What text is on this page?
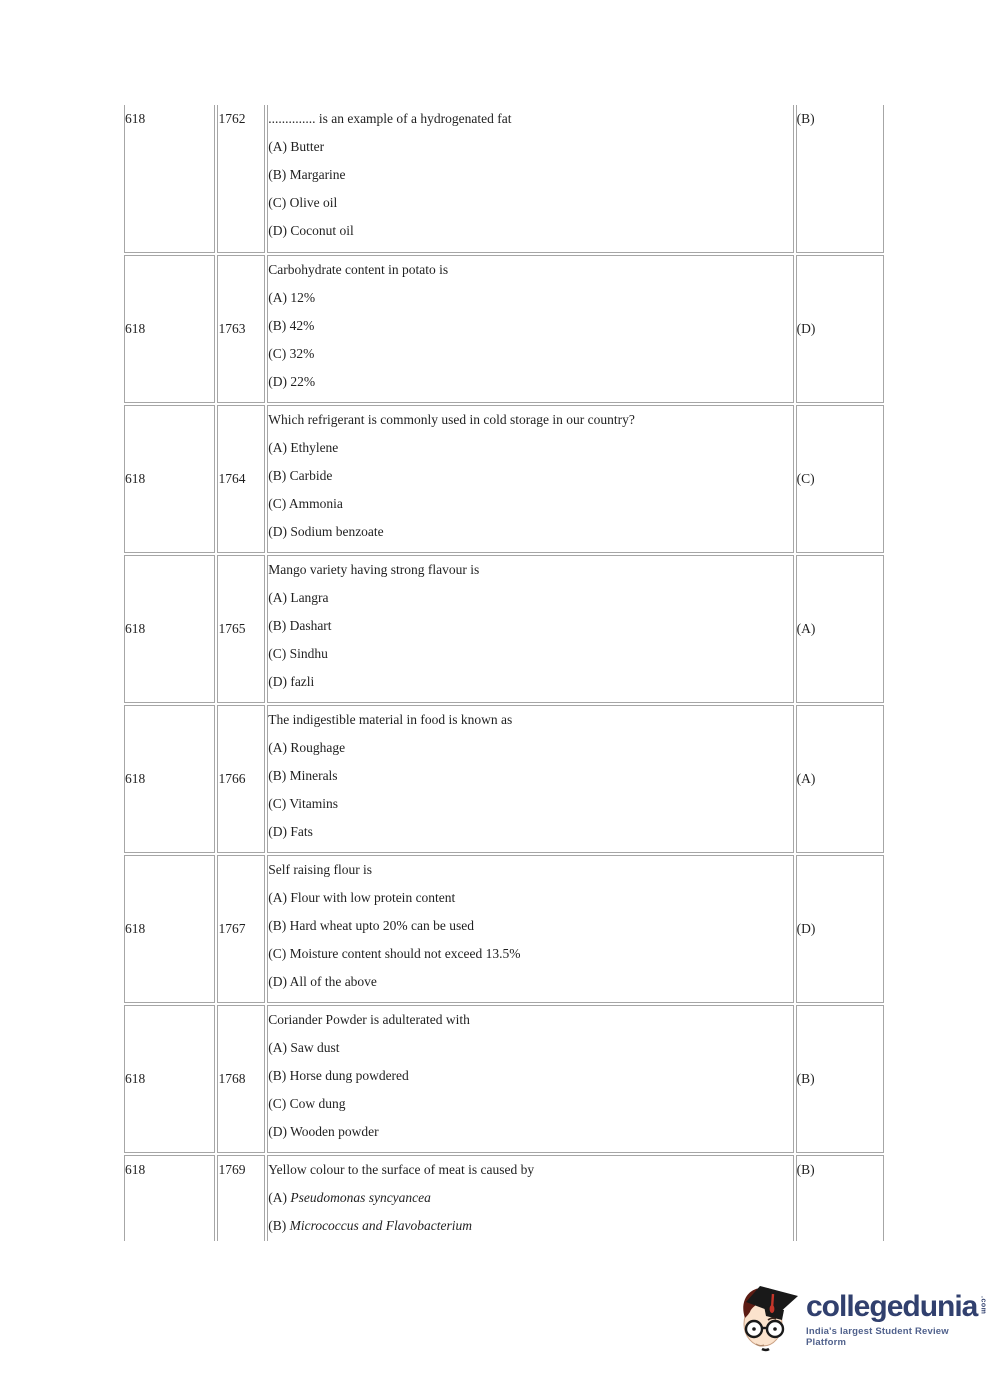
618	1762	.............. is an example of a hydrogenated fat
(A) Butter
(B) Margarine
(C) Olive oil
(D) Coconut oil	(B)
618	1763	Carbohydrate content in potato is
(A) 12%
(B) 42%
(C) 32%
(D) 22%	(D)
618	1764	Which refrigerant is commonly used in cold storage in our country?
(A) Ethylene
(B) Carbide
(C) Ammonia
(D) Sodium benzoate	(C)
618	1765	Mango variety having strong flavour is
(A) Langra
(B) Dashart
(C) Sindhu
(D) fazli	(A)
618	1766	The indigestible material in food is known as
(A) Roughage
(B) Minerals
(C) Vitamins
(D) Fats	(A)
618	1767	Self raising flour is
(A) Flour with low protein content
(B) Hard wheat upto 20% can be used
(C) Moisture content should not exceed 13.5%
(D) All of the above	(D)
618	1768	Coriander Powder is adulterated with
(A) Saw dust
(B) Horse dung powdered
(C) Cow dung
(D) Wooden powder	(B)
618	1769	Yellow colour to the surface of meat is caused by
(A) Pseudomonas syncyancea
(B) Micrococcus and Flavobacterium	(B)
collegedunia .com
India's largest Student Review Platform
